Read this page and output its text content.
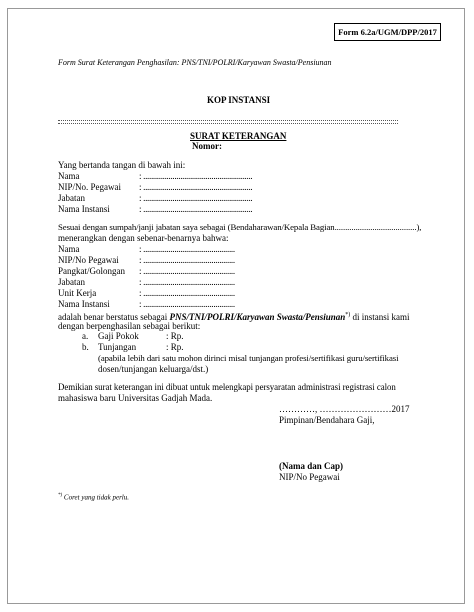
Form 6.2a/UGM/DPP/2017
Form Surat Keterangan Penghasilan: PNS/TNI/POLRI/Karyawan Swasta/Pensiunan
KOP INSTANSI
SURAT KETERANGAN
Nomor:
Yang bertanda tangan di bawah ini:
Nama	: ........................................................
NIP/No. Pegawai : ........................................................
Jabatan	: ........................................................
Nama Instansi	: ........................................................
Sesuai dengan sumpah/janji jabatan saya sebagai (Bendaharawan/Kepala Bagian.......................................),
menerangkan dengan sebenar-benarnya bahwa:
Nama	: ...............................................
NIP/No Pegawai : ...............................................
Pangkat/Golongan : ...............................................
Jabatan	: ...............................................
Unit Kerja	: ...............................................
Nama Instansi	: ...............................................
adalah benar berstatus sebagai PNS/TNI/POLRI/Karyawan Swasta/Pensiunan*) di instansi kami
dengan berpenghasilan sebagai berikut:
a. Gaji Pokok	: Rp.
b. Tunjangan	: Rp.
(apabila lebih dari satu mohon dirinci misal tunjangan profesi/sertifikasi guru/sertifikasi
dosen/tunjangan keluarga/dst.)
Demikian surat keterangan ini dibuat untuk melengkapi persyaratan administrasi registrasi calon
mahasiswa baru Universitas Gadjah Mada.
…………, ……………………2017
Pimpinan/Bendahara Gaji,
(Nama dan Cap)
NIP/No Pegawai
*) Coret yang tidak perlu.
